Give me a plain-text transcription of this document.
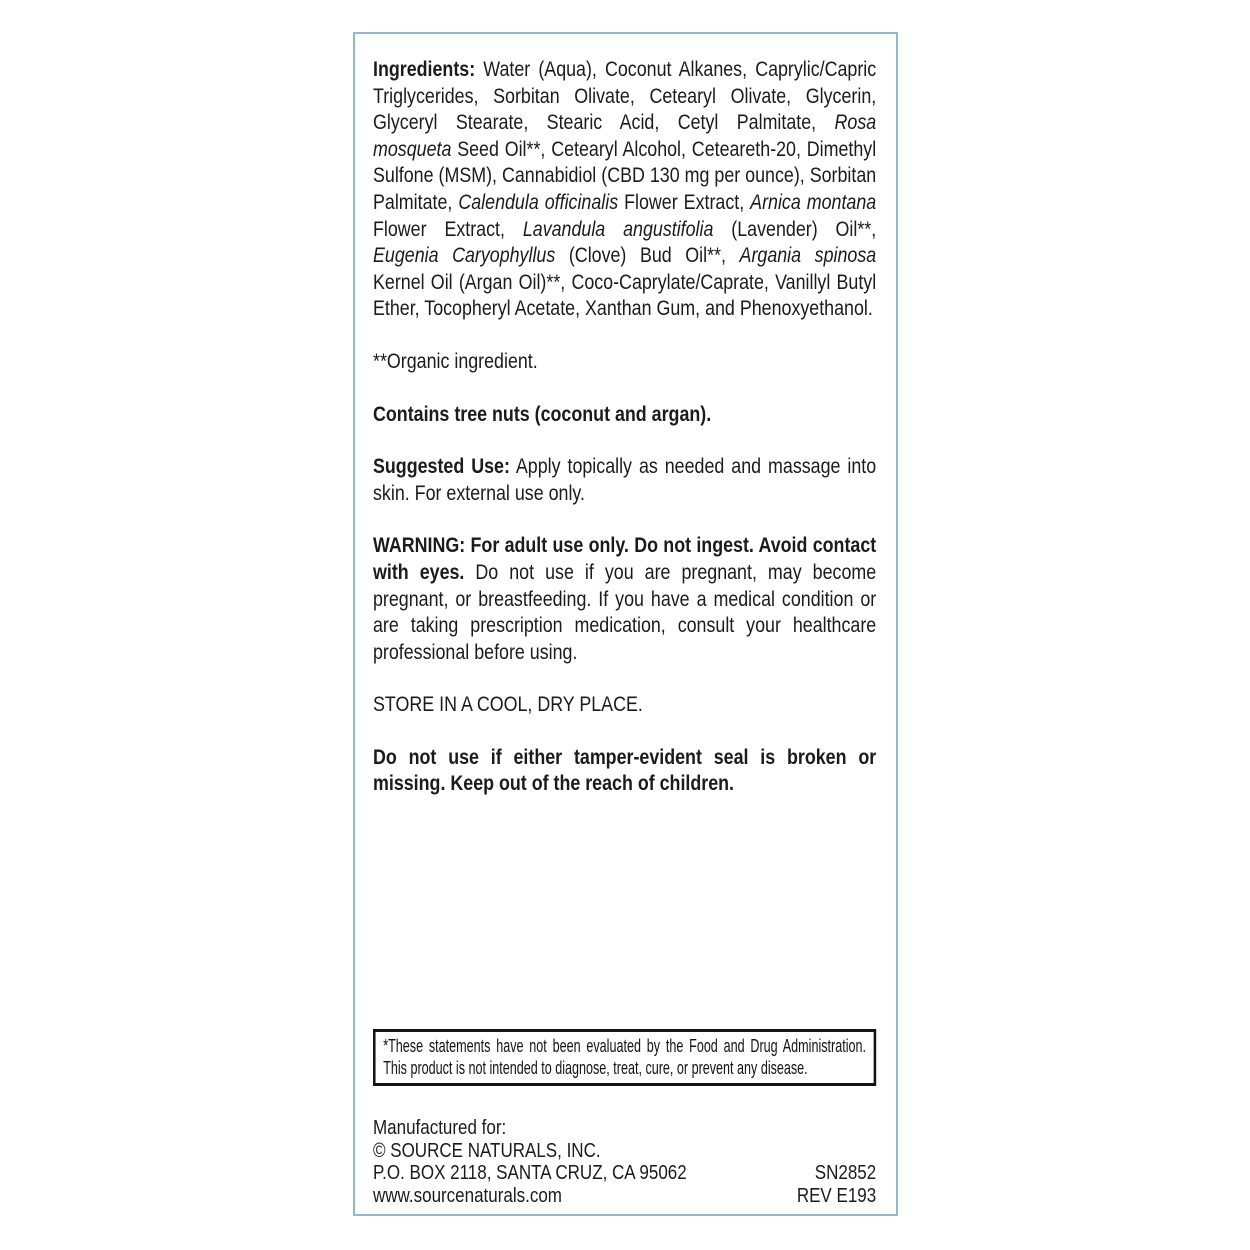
Ingredients: Water (Aqua), Coconut Alkanes, Caprylic/Capric Triglycerides, Sorbitan Olivate, Cetearyl Olivate, Glycerin, Glyceryl Stearate, Stearic Acid, Cetyl Palmitate, Rosa mosqueta Seed Oil**, Cetearyl Alcohol, Ceteareth-20, Dimethyl Sulfone (MSM), Cannabidiol (CBD 130 mg per ounce), Sorbitan Palmitate, Calendula officinalis Flower Extract, Arnica montana Flower Extract, Lavandula angustifolia (Lavender) Oil**, Eugenia Caryophyllus (Clove) Bud Oil**, Argania spinosa Kernel Oil (Argan Oil)**, Coco-Caprylate/Caprate, Vanillyl Butyl Ether, Tocopheryl Acetate, Xanthan Gum, and Phenoxyethanol.

**Organic ingredient.

Contains tree nuts (coconut and argan).

Suggested Use: Apply topically as needed and massage into skin. For external use only.

WARNING: For adult use only. Do not ingest. Avoid contact with eyes. Do not use if you are pregnant, may become pregnant, or breastfeeding. If you have a medical condition or are taking prescription medication, consult your healthcare professional before using.

STORE IN A COOL, DRY PLACE.

Do not use if either tamper-evident seal is broken or missing. Keep out of the reach of children.

*These statements have not been evaluated by the Food and Drug Administration. This product is not intended to diagnose, treat, cure, or prevent any disease.
Manufactured for:
© SOURCE NATURALS, INC.
P.O. BOX 2118, SANTA CRUZ, CA 95062
www.sourcenaturals.com
SN2852
REV E193
